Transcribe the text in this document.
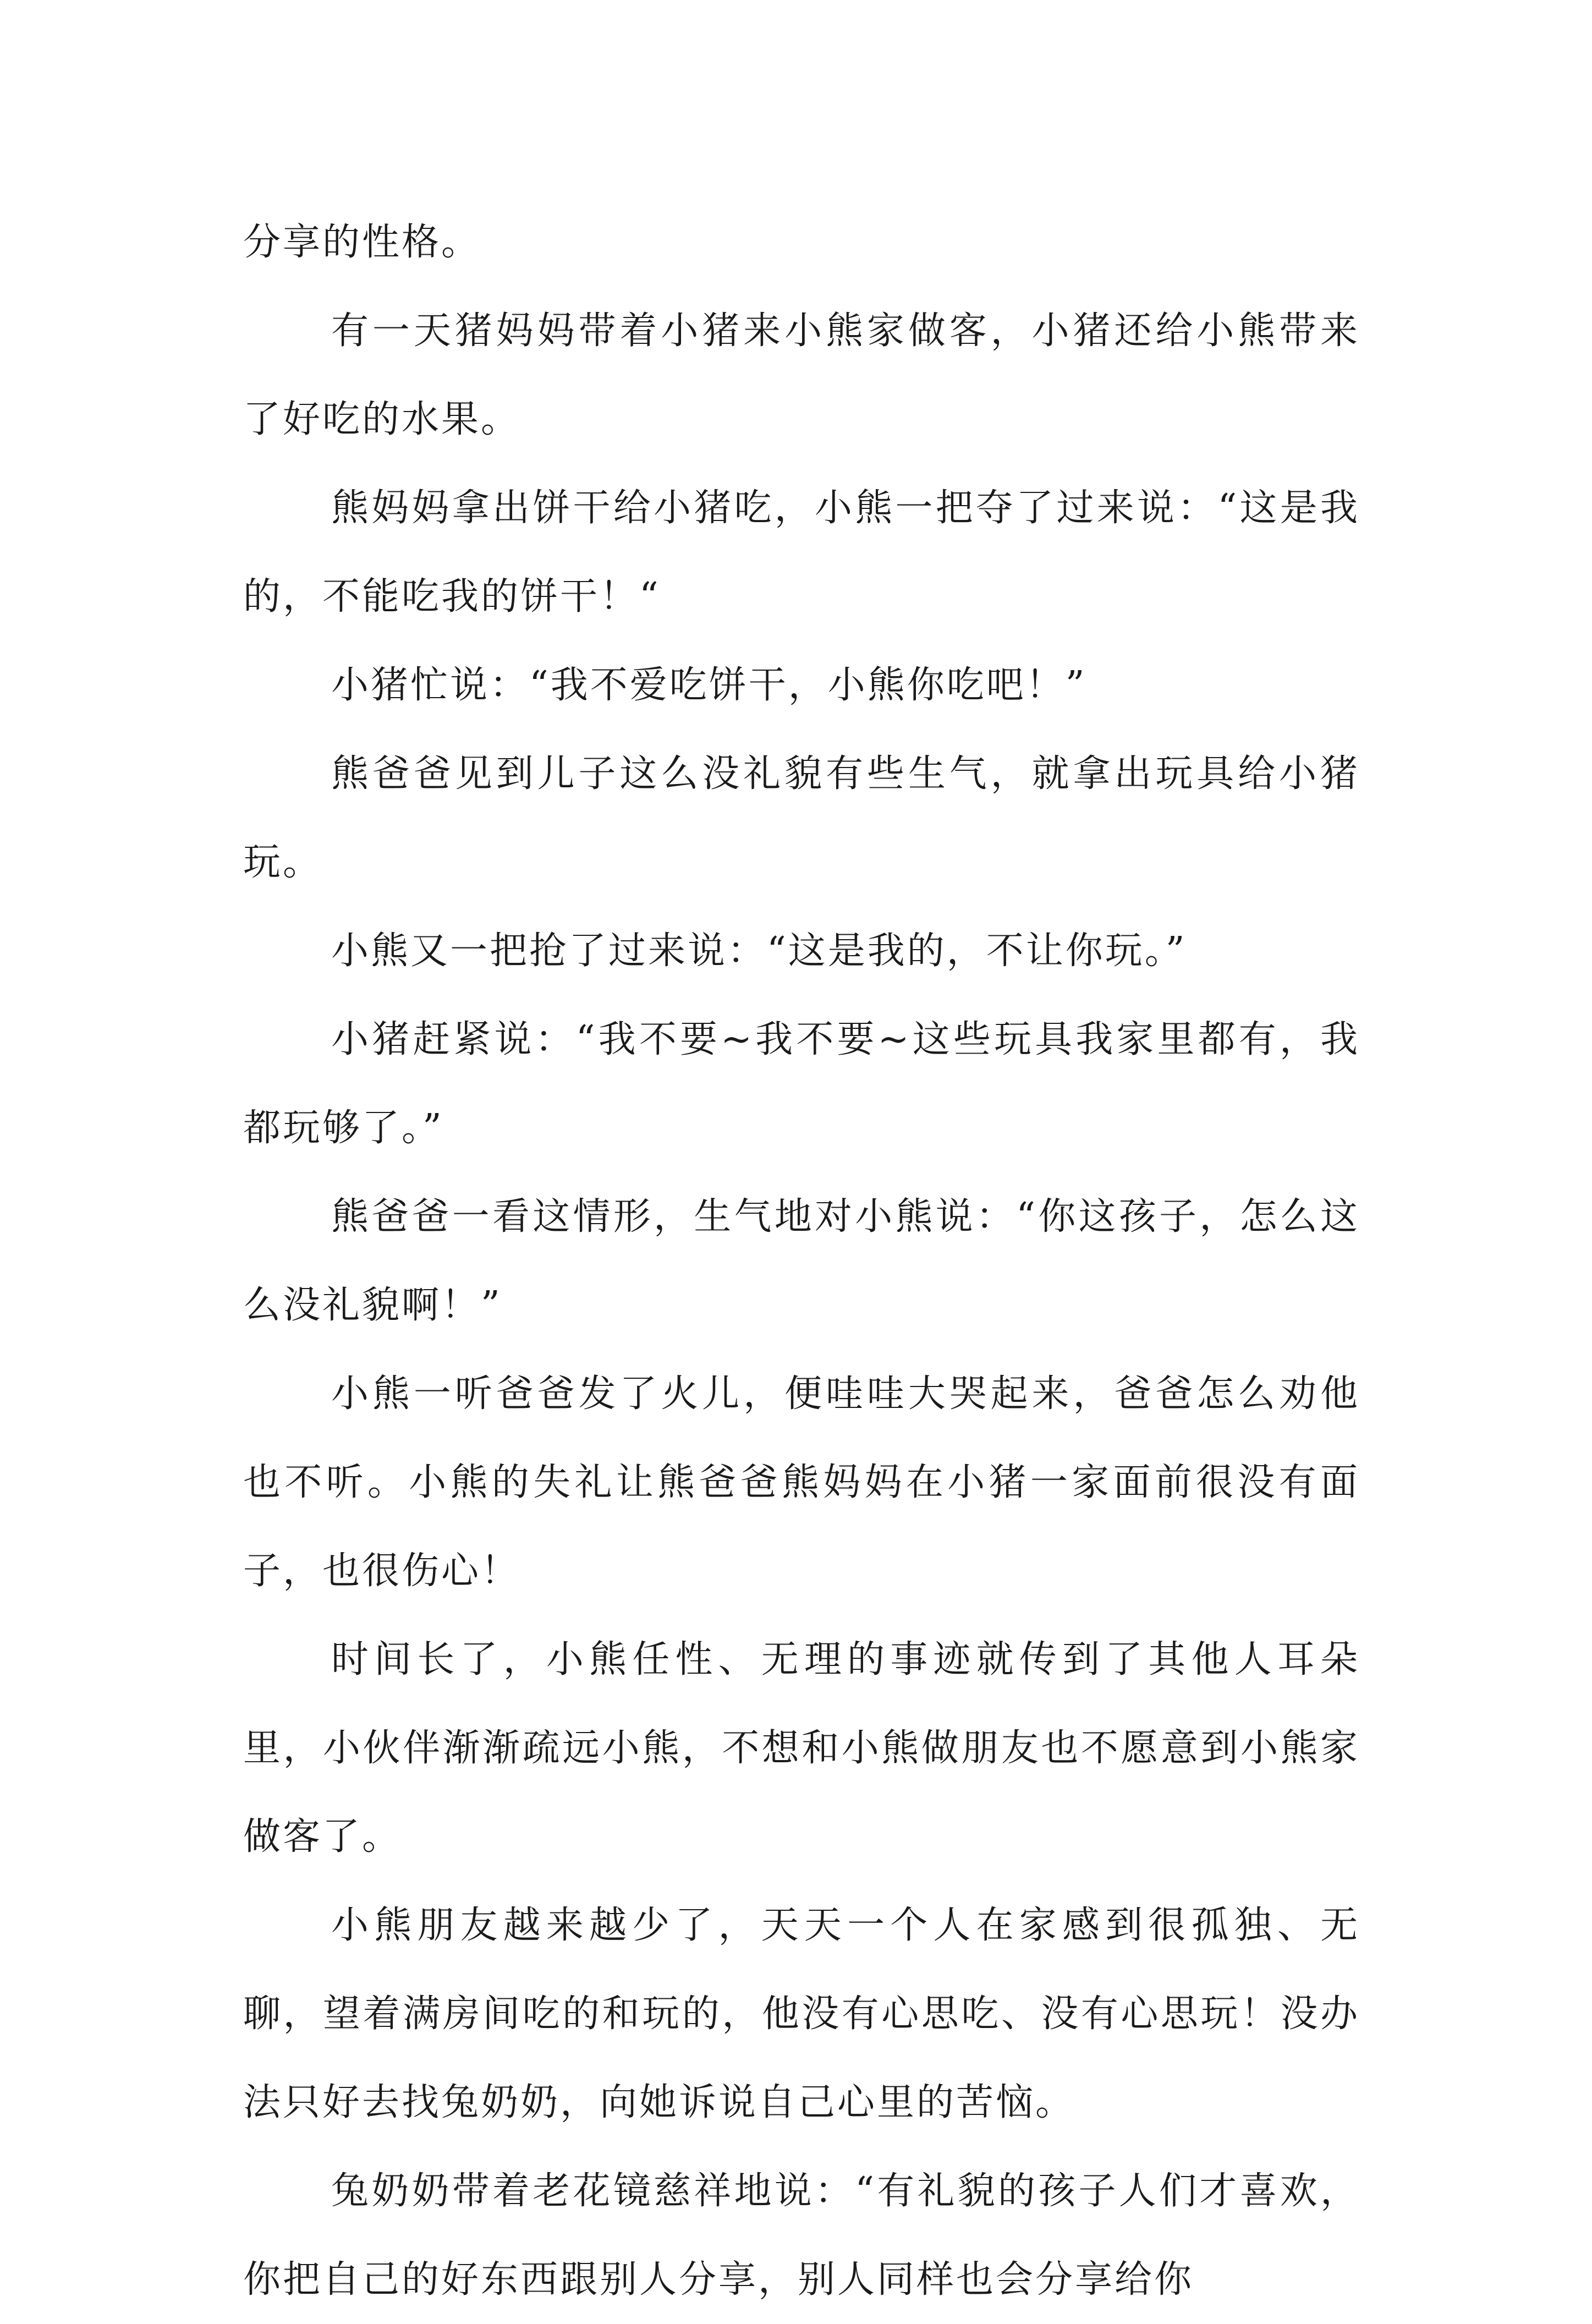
分享的性格。

有一天猪妈妈带着小猪来小熊家做客，小猪还给小熊带来了好吃的水果。

熊妈妈拿出饼干给小猪吃，小熊一把夺了过来说：“这是我的，不能吃我的饼干！“

小猪忙说：“我不爱吃饼干，小熊你吃吧！”

熊爸爸见到儿子这么没礼貌有些生气，就拿出玩具给小猪玩。

小熊又一把抢了过来说：“这是我的，不让你玩。”

小猪赶紧说：“我不要~我不要~这些玩具我家里都有，我都玩够了。”

熊爸爸一看这情形，生气地对小熊说：“你这孩子，怎么这么没礼貌啊！”

小熊一听爸爸发了火儿，便哇哇大哭起来，爸爸怎么劝他也不听。小熊的失礼让熊爸爸熊妈妈在小猪一家面前很没有面子，也很伤心！

时间长了，小熊任性、无理的事迹就传到了其他人耳朵里，小伙伴渐渐疏远小熊，不想和小熊做朋友也不愿意到小熊家做客了。

小熊朋友越来越少了，天天一个人在家感到很孤独、无聊，望着满房间吃的和玩的，他没有心思吃、没有心思玩！没办法只好去找兔奶奶，向她诉说自己心里的苦恼。

兔奶奶带着老花镜慈祥地说：“有礼貌的孩子人们才喜欢，你把自己的好东西跟别人分享，别人同样也会分享给你
